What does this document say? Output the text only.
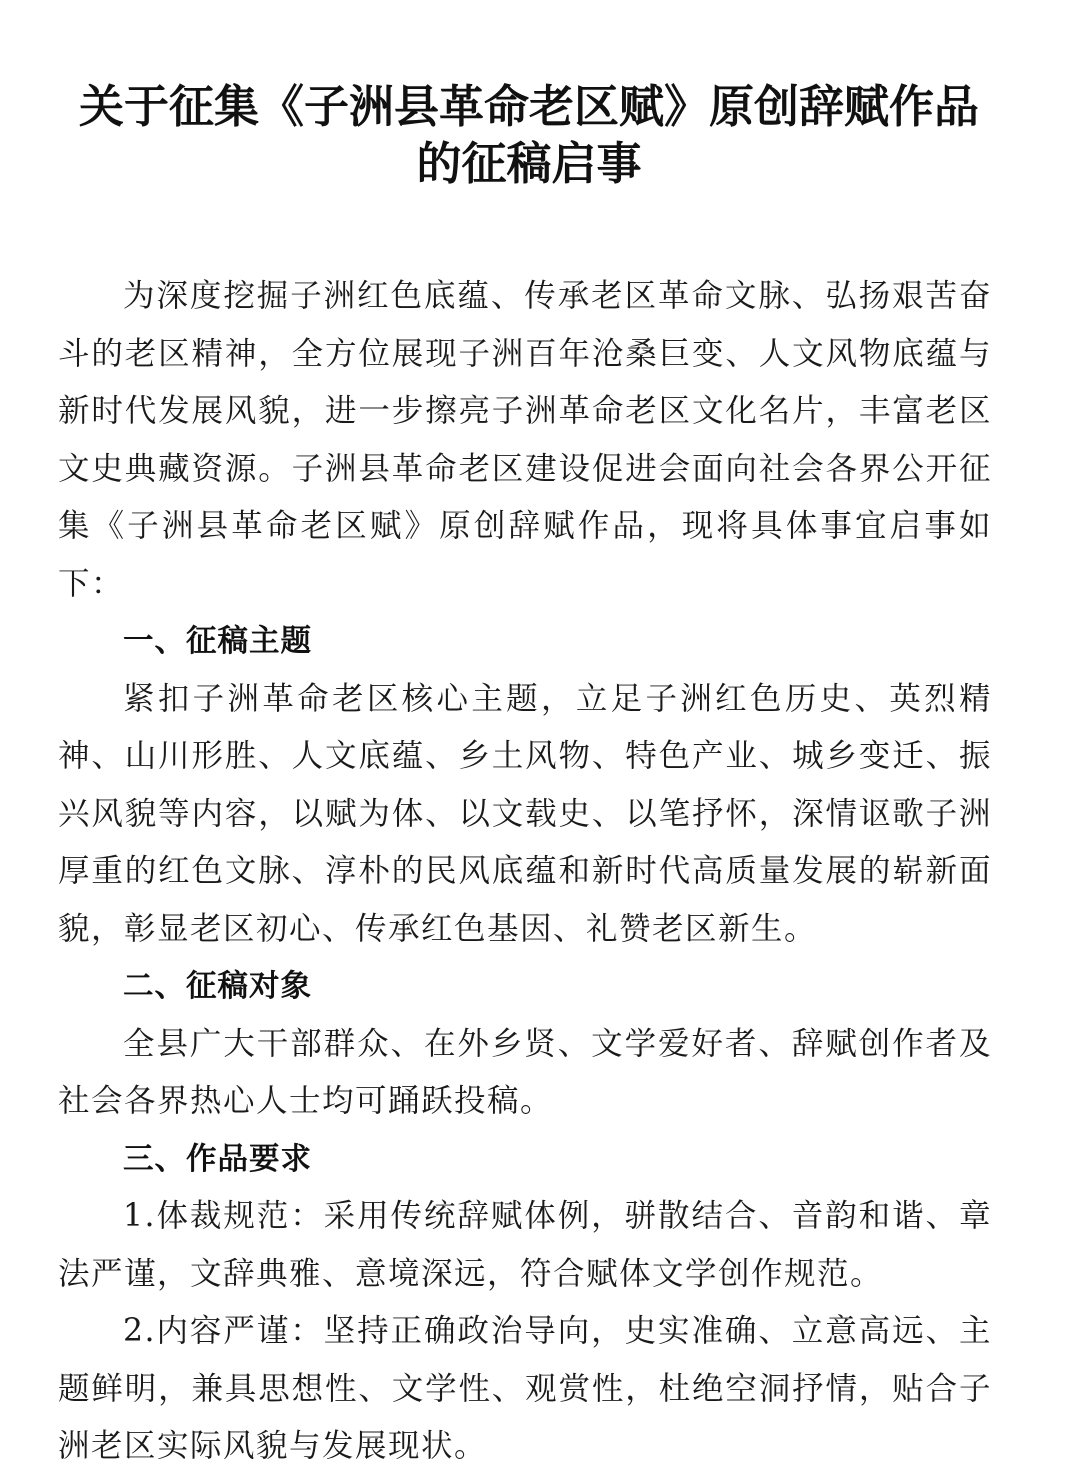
关于征集《子洲县革命老区赋》原创辞赋作品
的征稿启事

为深度挖掘子洲红色底蕴、传承老区革命文脉、弘扬艰苦奋斗的老区精神，全方位展现子洲百年沧桑巨变、人文风物底蕴与新时代发展风貌，进一步擦亮子洲革命老区文化名片，丰富老区文史典藏资源。子洲县革命老区建设促进会面向社会各界公开征集《子洲县革命老区赋》原创辞赋作品，现将具体事宜启事如下：

一、征稿主题

紧扣子洲革命老区核心主题，立足子洲红色历史、英烈精神、山川形胜、人文底蕴、乡土风物、特色产业、城乡变迁、振兴风貌等内容，以赋为体、以文载史、以笔抒怀，深情讴歌子洲厚重的红色文脉、淳朴的民风底蕴和新时代高质量发展的崭新面貌，彰显老区初心、传承红色基因、礼赞老区新生。

二、征稿对象

全县广大干部群众、在外乡贤、文学爱好者、辞赋创作者及社会各界热心人士均可踊跃投稿。

三、作品要求

1.体裁规范：采用传统辞赋体例，骈散结合、音韵和谐、章法严谨，文辞典雅、意境深远，符合赋体文学创作规范。

2.内容严谨：坚持正确政治导向，史实准确、立意高远、主题鲜明，兼具思想性、文学性、观赏性，杜绝空洞抒情，贴合子洲老区实际风貌与发展现状。
